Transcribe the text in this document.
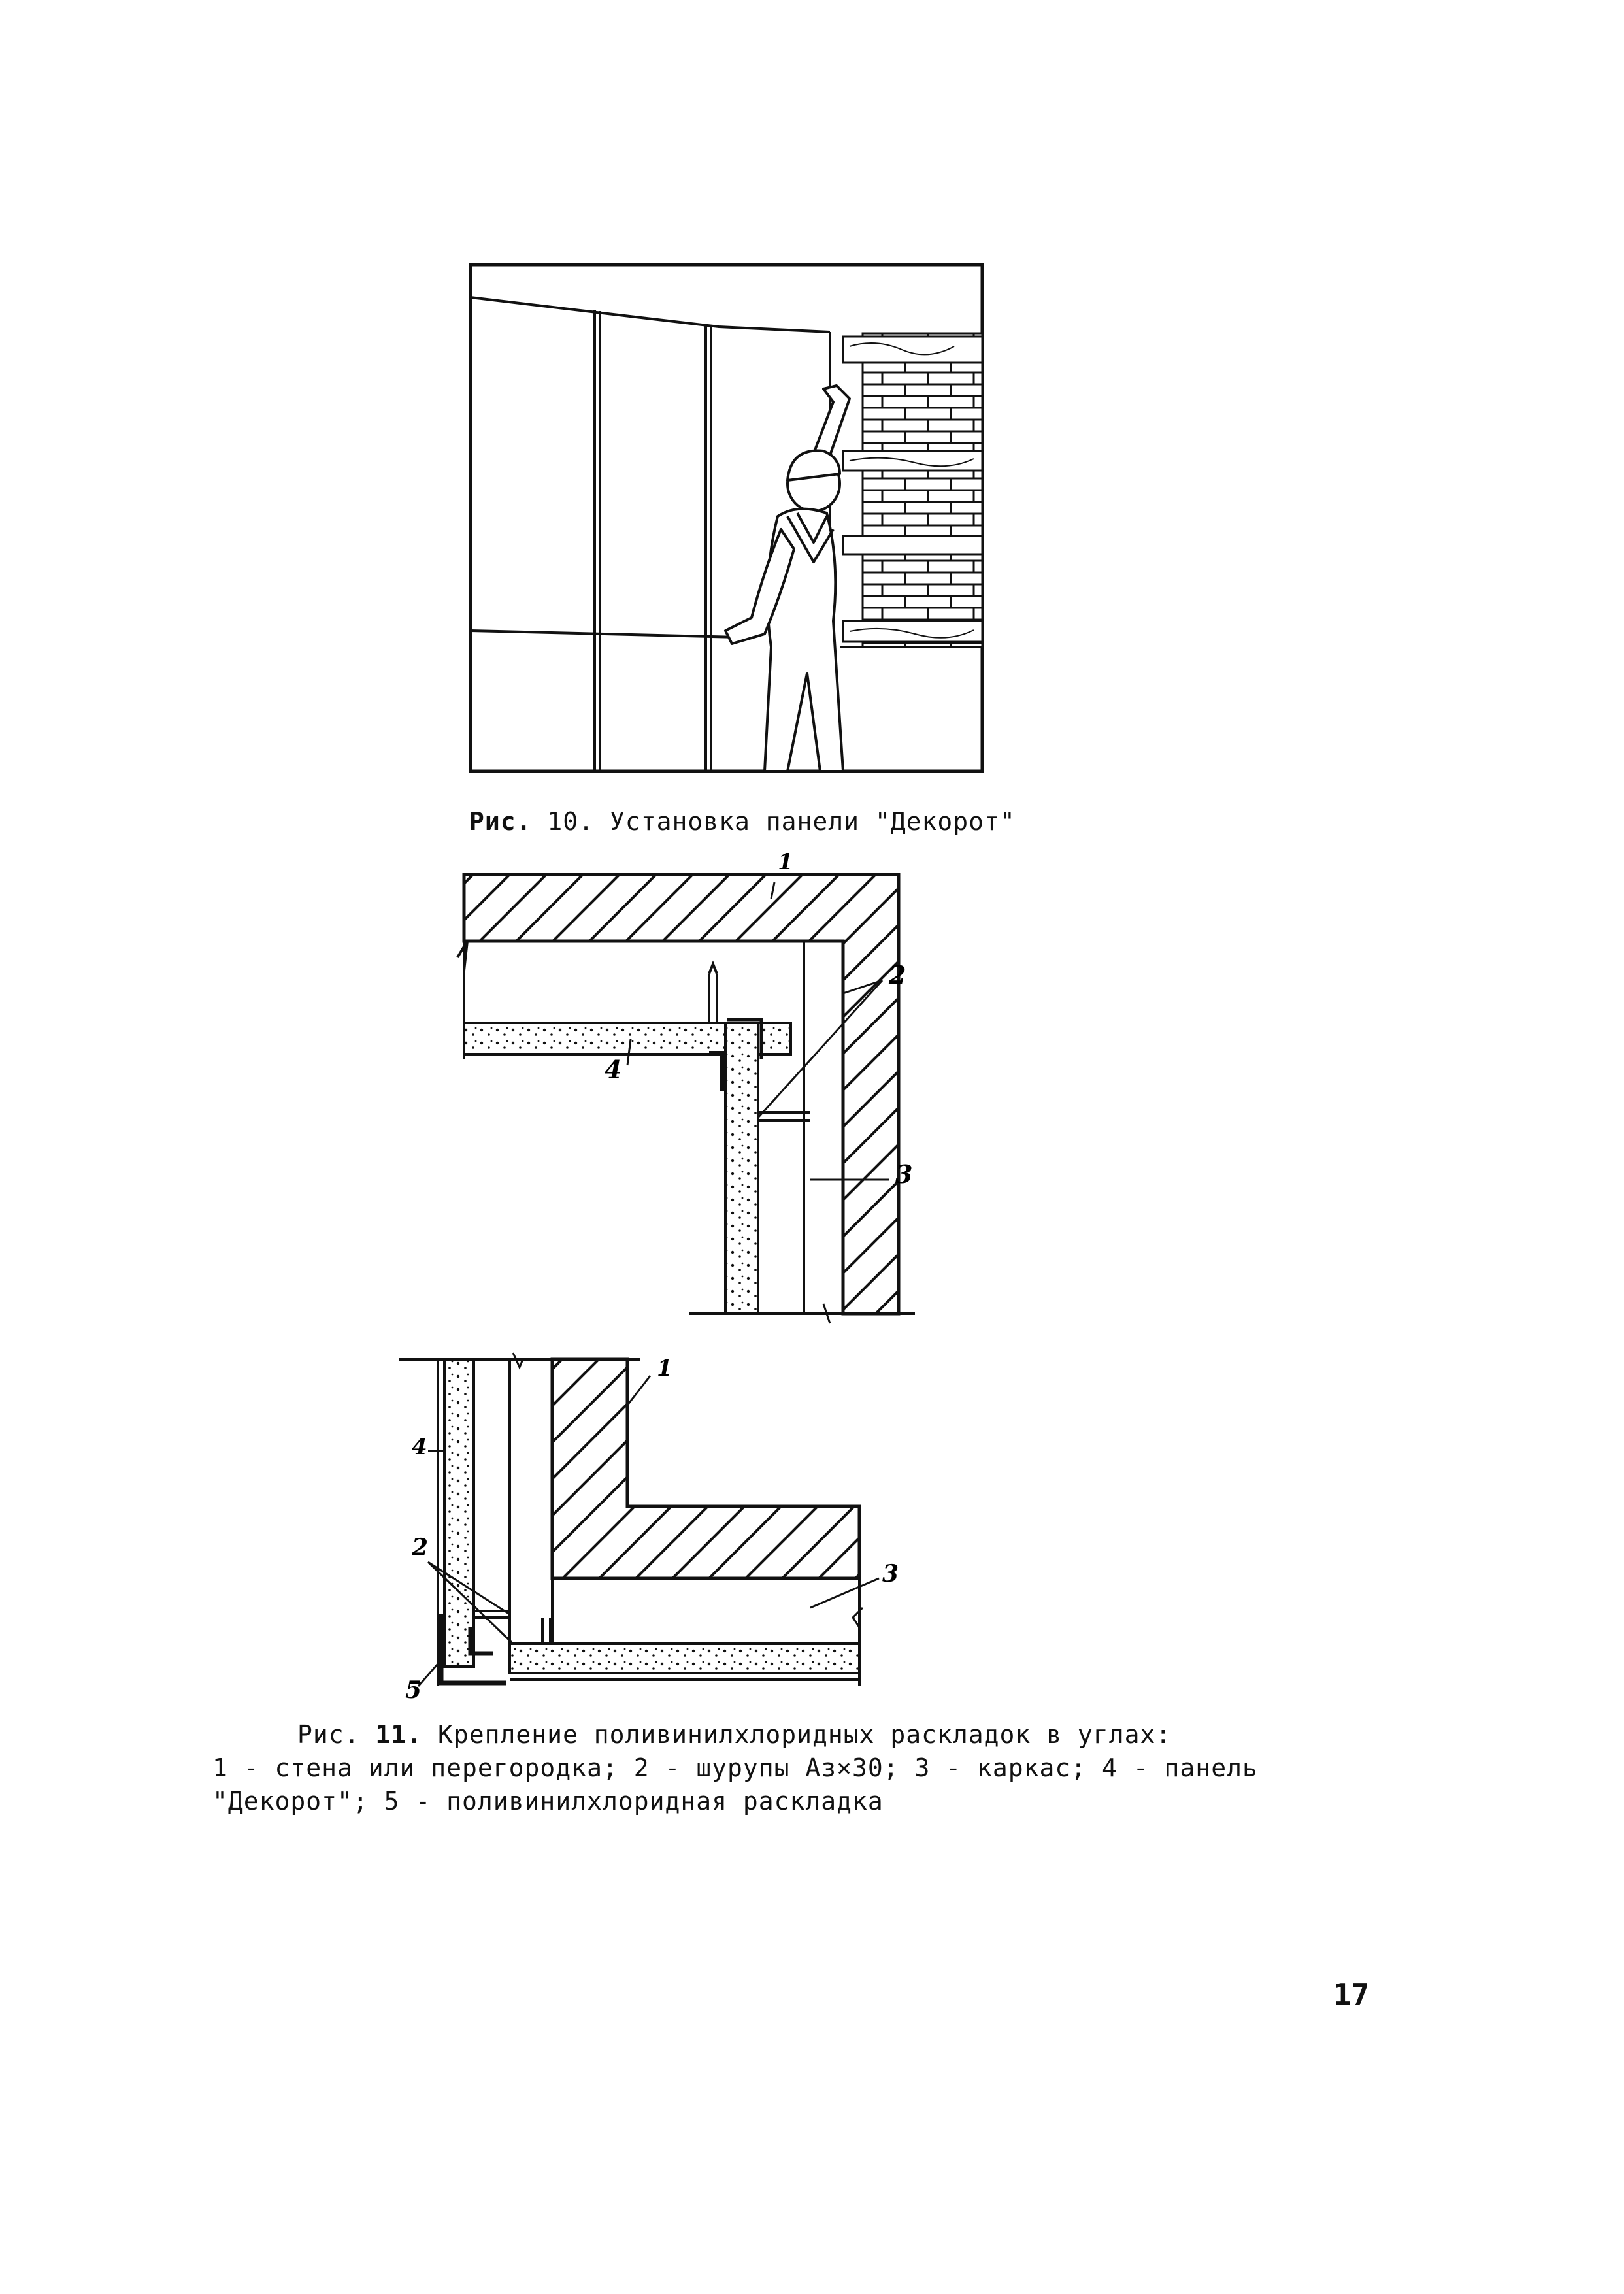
Рис. 10. Установка панели "Декорот"
1
2
3
4
1
4
2
3
5
Рис. 11. Крепление поливинилхлоридных раскладок в углах:
1 - стена или перегородка; 2 - шурупы Аз×30; 3 - каркас; 4 - панель
"Декорот"; 5 - поливинилхлоридная раскладка
17
